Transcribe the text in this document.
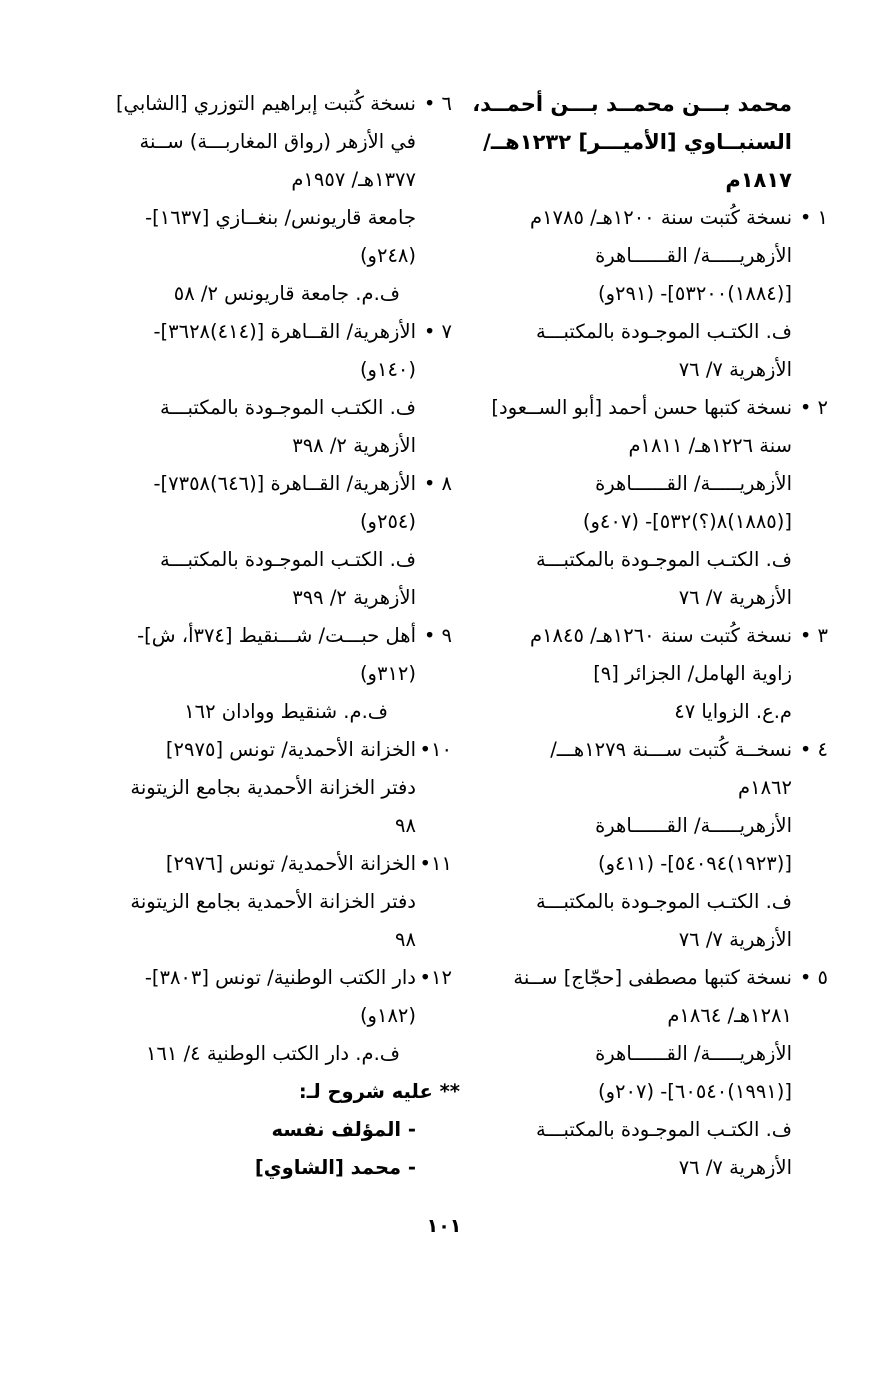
محمد بـــن محمــد بـــن أحمــد،
السنبــاوي [الأميـــر] ١٢٣٢هــ/
١٨١٧م
١ •
نسخة كُتبت سنة ١٢٠٠هـ/ ١٧٨٥م
الأزهريـــــة/ القــــــاهرة
[(١٨٨٤)٥٣٢٠٠]- (٢٩١و)
ف. الكتـب الموجـودة بالمكتبـــة
الأزهرية ٧/ ٧٦
٢ •
نسخة كتبها حسن أحمد [أبو الســعود]
سنة ١٢٢٦هـ/ ١٨١١م
الأزهريـــــة/ القــــــاهرة
[(١٨٨٥)٨(؟)٥٣٢]- (٤٠٧و)
ف. الكتـب الموجـودة بالمكتبـــة
الأزهرية ٧/ ٧٦
٣ •
نسخة كُتبت سنة ١٢٦٠هـ/ ١٨٤٥م
زاوية الهامل/ الجزائر [٩]
م.ع. الزوايا ٤٧
٤ •
نسخــة كُتبت ســـنة ١٢٧٩هـــ/
١٨٦٢م
الأزهريـــــة/ القــــــاهرة
[(١٩٢٣)٥٤٠٩٤]- (٤١١و)
ف. الكتـب الموجـودة بالمكتبـــة
الأزهرية ٧/ ٧٦
٥ •
نسخة كتبها مصطفى [حجّاج] ســنة
١٢٨١هـ/ ١٨٦٤م
الأزهريـــــة/ القــــــاهرة
[(١٩٩١)٦٠٥٤٠]- (٢٠٧و)
ف. الكتـب الموجـودة بالمكتبـــة
الأزهرية ٧/ ٧٦
٦ •
نسخة كُتبت إبراهيم التوزري [الشابي]
في الأزهر (رواق المغاربـــة) ســنة
١٣٧٧هـ/ ١٩٥٧م
جامعة قاريونس/ بنغــازي [١٦٣٧]-
(٢٤٨و)
ف.م. جامعة قاريونس ٢/ ٥٨
٧ •
الأزهرية/ القــاهرة [(٤١٤)٣٦٢٨]-
(١٤٠و)
ف. الكتـب الموجـودة بالمكتبـــة
الأزهرية ٢/ ٣٩٨
٨ •
الأزهرية/ القــاهرة [(٦٤٦)٧٣٥٨]-
(٢٥٤و)
ف. الكتـب الموجـودة بالمكتبـــة
الأزهرية ٢/ ٣٩٩
٩ •
أهل حبـــت/ شـــنقيط [٣٧٤أ، ش]-
(٣١٢و)
ف.م. شنقيط ووادان ١٦٢
١٠•
الخزانة الأحمدية/ تونس [٢٩٧٥]
دفتر الخزانة الأحمدية بجامع الزيتونة
٩٨
١١•
الخزانة الأحمدية/ تونس [٢٩٧٦]
دفتر الخزانة الأحمدية بجامع الزيتونة
٩٨
١٢•
دار الكتب الوطنية/ تونس [٣٨٠٣]-
(١٨٢و)
ف.م. دار الكتب الوطنية ٤/ ١٦١
** عليه شروح لـ:
- المؤلف نفسه
- محمد [الشاوي]
١٠١
